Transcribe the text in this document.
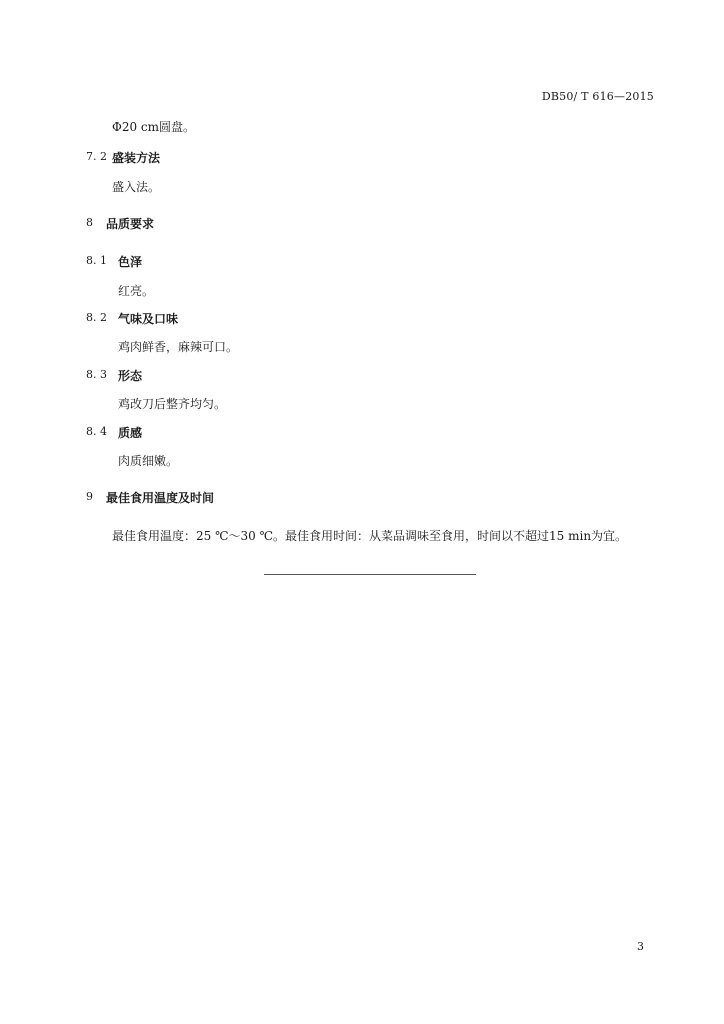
DB50/ T 616—2015
Φ20 cm圆盘。
7. 2 盛装方法
盛入法。
8 品质要求
8. 1 色泽
红亮。
8. 2 气味及口味
鸡肉鲜香，麻辣可口。
8. 3 形态
鸡改刀后整齐均匀。
8. 4 质感
肉质细嫩。
9 最佳食用温度及时间
最佳食用温度：25 ℃～30 ℃。最佳食用时间：从菜品调味至食用，时间以不超过15 min为宜。
3
